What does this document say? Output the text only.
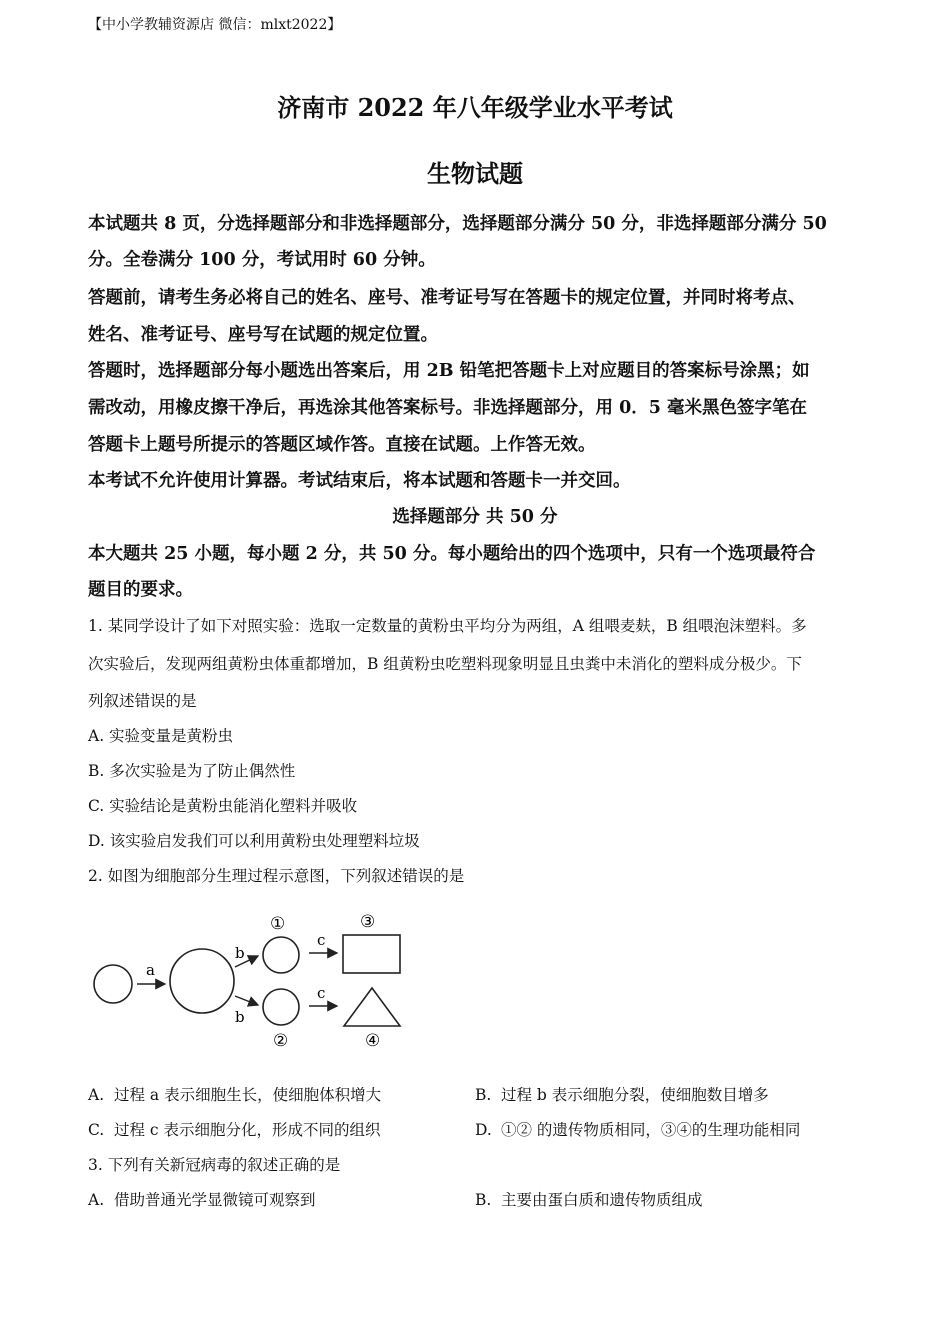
【中小学教辅资源店 微信：mlxt2022】
济南市 2022 年八年级学业水平考试
生物试题
本试题共 8 页，分选择题部分和非选择题部分，选择题部分满分 50 分，非选择题部分满分 50
分。全卷满分 100 分，考试用时 60 分钟。
答题前，请考生务必将自己的姓名、座号、准考证号写在答题卡的规定位置，并同时将考点、
姓名、准考证号、座号写在试题的规定位置。
答题时，选择题部分每小题选出答案后，用 2B 铅笔把答题卡上对应题目的答案标号涂黑；如
需改动，用橡皮擦干净后，再选涂其他答案标号。非选择题部分，用 0．5 毫米黑色签字笔在
答题卡上题号所提示的答题区域作答。直接在试题。上作答无效。
本考试不允许使用计算器。考试结束后，将本试题和答题卡一并交回。
选择题部分 共 50 分
本大题共 25 小题，每小题 2 分，共 50 分。每小题给出的四个选项中，只有一个选项最符合
题目的要求。
1. 某同学设计了如下对照实验：选取一定数量的黄粉虫平均分为两组，A 组喂麦麸，B 组喂泡沫塑料。多
次实验后，发现两组黄粉虫体重都增加，B 组黄粉虫吃塑料现象明显且虫粪中未消化的塑料成分极少。下
列叙述错误的是
A. 实验变量是黄粉虫
B. 多次实验是为了防止偶然性
C. 实验结论是黄粉虫能消化塑料并吸收
D. 该实验启发我们可以利用黄粉虫处理塑料垃圾
2. 如图为细胞部分生理过程示意图，下列叙述错误的是
a
b
b
①
②
c
c
③
④
A. 过程 a 表示细胞生长，使细胞体积增大	B. 过程 b 表示细胞分裂，使细胞数目增多
C. 过程 c 表示细胞分化，形成不同的组织	D. ①② 的遗传物质相同，③④的生理功能相同
3. 下列有关新冠病毒的叙述正确的是
A. 借助普通光学显微镜可观察到	B. 主要由蛋白质和遗传物质组成
